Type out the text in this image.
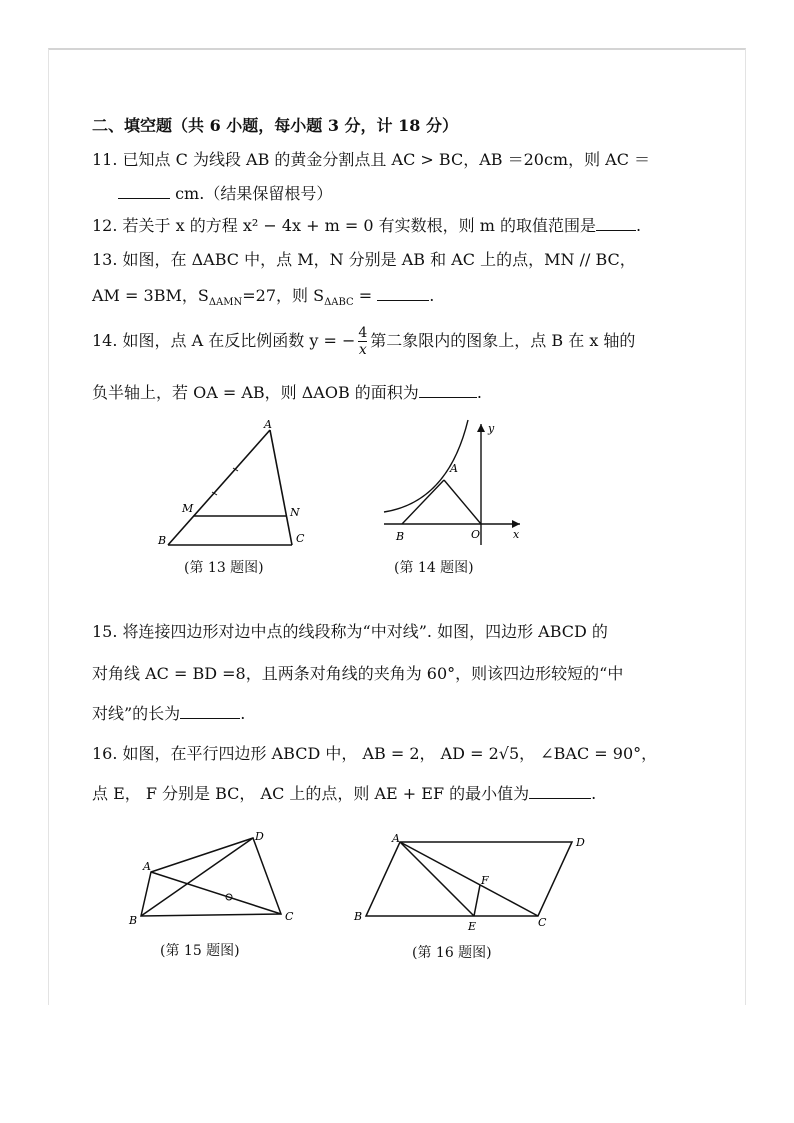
二、填空题（共 6 小题，每小题 3 分，计 18 分）
11. 已知点 C 为线段 AB 的黄金分割点且 AC > BC，AB ＝20cm，则 AC ＝
cm.（结果保留根号）
12. 若关于 x 的方程 x² − 4x + m = 0 有实数根，则 m 的取值范围是	.
13. 如图，在 ΔABC 中，点 M，N 分别是 AB 和 AC 上的点，MN // BC，
AM = 3BM，$S_{\Delta AMN}=27$，则 $S_{\Delta ABC}$ =	.
14. 如图，点 A 在反比例函数 y = − $\frac{4}{x}$ 第二象限内的图象上，点 B 在 x 轴的
负半轴上，若 OA = AB，则 ΔAOB 的面积为	.
A
M	N
B	C
(第 13 题图)
y
A
B	O	x
(第 14 题图)
15. 将连接四边形对边中点的线段称为“中对线”. 如图，四边形 ABCD 的
对角线 AC = BD =8，且两条对角线的夹角为 60°，则该四边形较短的“中
对线”的长为	.
16. 如图，在平行四边形 ABCD 中， AB = 2， AD = 2√5， ∠BAC = 90°，
点 E， F 分别是 BC， AC 上的点，则 AE + EF 的最小值为	.
A
D
B	C
(第 15 题图)
A	D
F
B
E	C
(第 16 题图)
